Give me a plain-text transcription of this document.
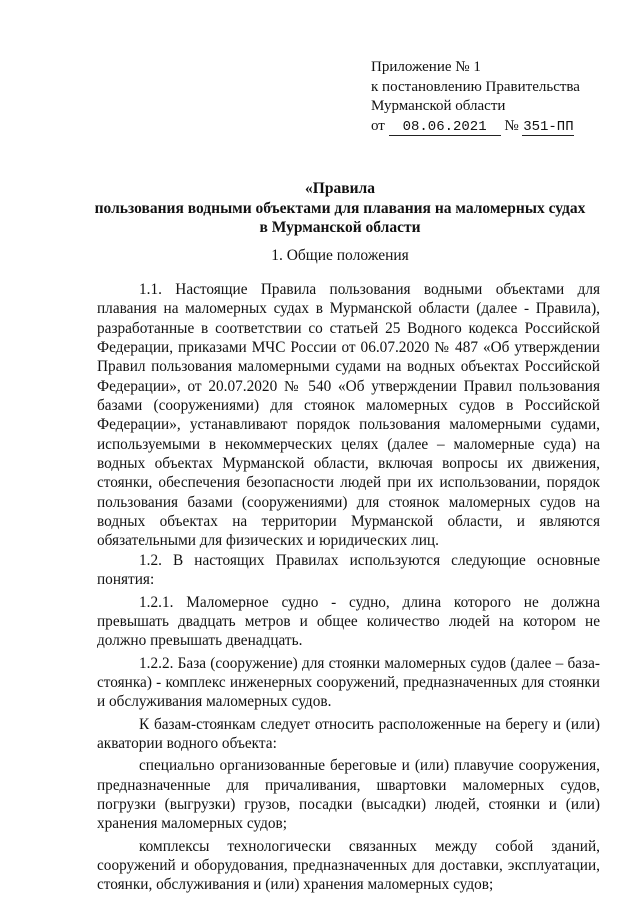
Приложение № 1
к постановлению Правительства
Мурманской области
от 08.06.2021 № 351-ПП
«Правила
пользования водными объектами для плавания на маломерных судах
в Мурманской области
1. Общие положения

1.1. Настоящие Правила пользования водными объектами для плавания на маломерных судах в Мурманской области (далее - Правила), разработанные в соответствии со статьей 25 Водного кодекса Российской Федерации, приказами МЧС России от 06.07.2020 № 487 «Об утверждении Правил пользования маломерными судами на водных объектах Российской Федерации», от 20.07.2020 № 540 «Об утверждении Правил пользования базами (сооружениями) для стоянок маломерных судов в Российской Федерации», устанавливают порядок пользования маломерными судами, используемыми в некоммерческих целях (далее – маломерные суда) на водных объектах Мурманской области, включая вопросы их движения, стоянки, обеспечения безопасности людей при их использовании, порядок пользования базами (сооружениями) для стоянок маломерных судов на водных объектах на территории Мурманской области, и являются обязательными для физических и юридических лиц.

1.2. В настоящих Правилах используются следующие основные понятия:

1.2.1. Маломерное судно - судно, длина которого не должна превышать двадцать метров и общее количество людей на котором не должно превышать двенадцать.

1.2.2. База (сооружение) для стоянки маломерных судов (далее – база-стоянка) - комплекс инженерных сооружений, предназначенных для стоянки и обслуживания маломерных судов.

К базам-стоянкам следует относить расположенные на берегу и (или) акватории водного объекта:

специально организованные береговые и (или) плавучие сооружения, предназначенные для причаливания, швартовки маломерных судов, погрузки (выгрузки) грузов, посадки (высадки) людей, стоянки и (или) хранения маломерных судов;

комплексы технологически связанных между собой зданий, сооружений и оборудования, предназначенных для доставки, эксплуатации, стоянки, обслуживания и (или) хранения маломерных судов;
